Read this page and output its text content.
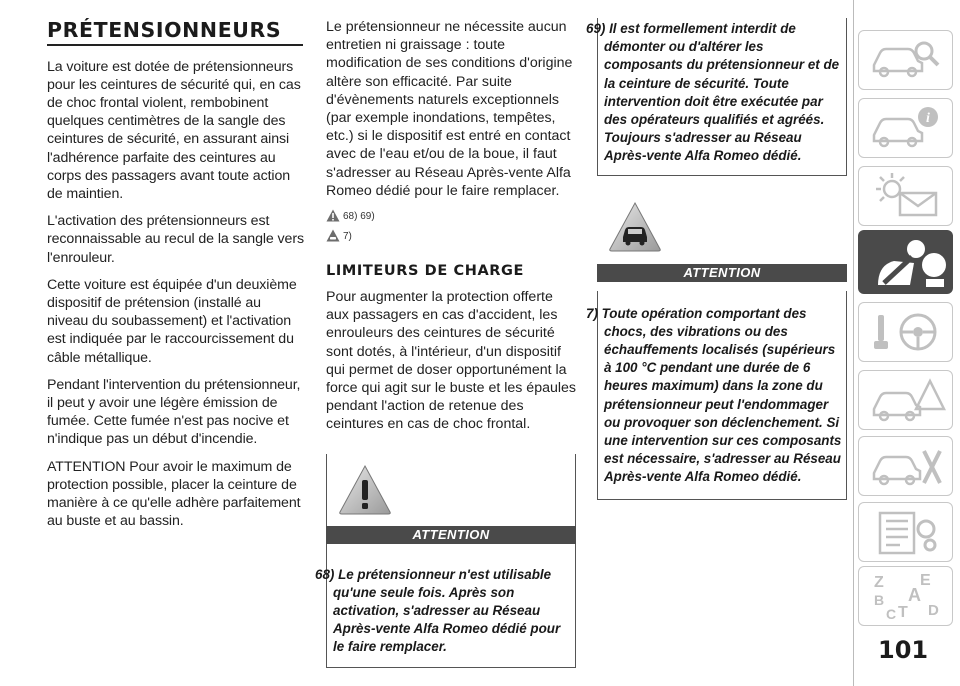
PRÉTENSIONNEURS

La voiture est dotée de prétensionneurs pour les ceintures de sécurité qui, en cas de choc frontal violent, rembobinent quelques centimètres de la sangle des ceintures de sécurité, en assurant ainsi l'adhérence parfaite des ceintures au corps des passagers avant toute action de maintien.

L'activation des prétensionneurs est reconnaissable au recul de la sangle vers l'enrouleur.

Cette voiture est équipée d'un deuxième dispositif de prétension (installé au niveau du soubassement) et l'activation est indiquée par le raccourcissement du câble métallique.

Pendant l'intervention du prétensionneur, il peut y avoir une légère émission de fumée. Cette fumée n'est pas nocive et n'indique pas un début d'incendie.

ATTENTION Pour avoir le maximum de protection possible, placer la ceinture de manière à ce qu'elle adhère parfaitement au buste et au bassin.

Le prétensionneur ne nécessite aucun entretien ni graissage : toute modification de ses conditions d'origine altère son efficacité. Par suite d'évènements naturels exceptionnels (par exemple inondations, tempêtes, etc.) si le dispositif est entré en contact avec de l'eau et/ou de la boue, il faut s'adresser au Réseau Après-vente Alfa Romeo dédié pour le faire remplacer.

68) 69)
7)
LIMITEURS DE CHARGE

Pour augmenter la protection offerte aux passagers en cas d'accident, les enrouleurs des ceintures de sécurité sont dotés, à l'intérieur, d'un dispositif qui permet de doser opportunément la force qui agit sur le buste et les épaules pendant l'action de retenue des ceintures en cas de choc frontal.

ATTENTION
68) Le prétensionneur n'est utilisable qu'une seule fois. Après son activation, s'adresser au Réseau Après-vente Alfa Romeo dédié pour le faire remplacer.
69) Il est formellement interdit de démonter ou d'altérer les composants du prétensionneur et de la ceinture de sécurité. Toute intervention doit être exécutée par des opérateurs qualifiés et agréés. Toujours s'adresser au Réseau Après-vente Alfa Romeo dédié.
ATTENTION
7) Toute opération comportant des chocs, des vibrations ou des échauffements localisés (supérieurs à 100 °C pendant une durée de 6 heures maximum) dans la zone du prétensionneur peut l'endommager ou provoquer son déclenchement. Si une intervention sur ces composants est nécessaire, s'adresser au Réseau Après-vente Alfa Romeo dédié.
i
Z E
A
B
C T D
101
